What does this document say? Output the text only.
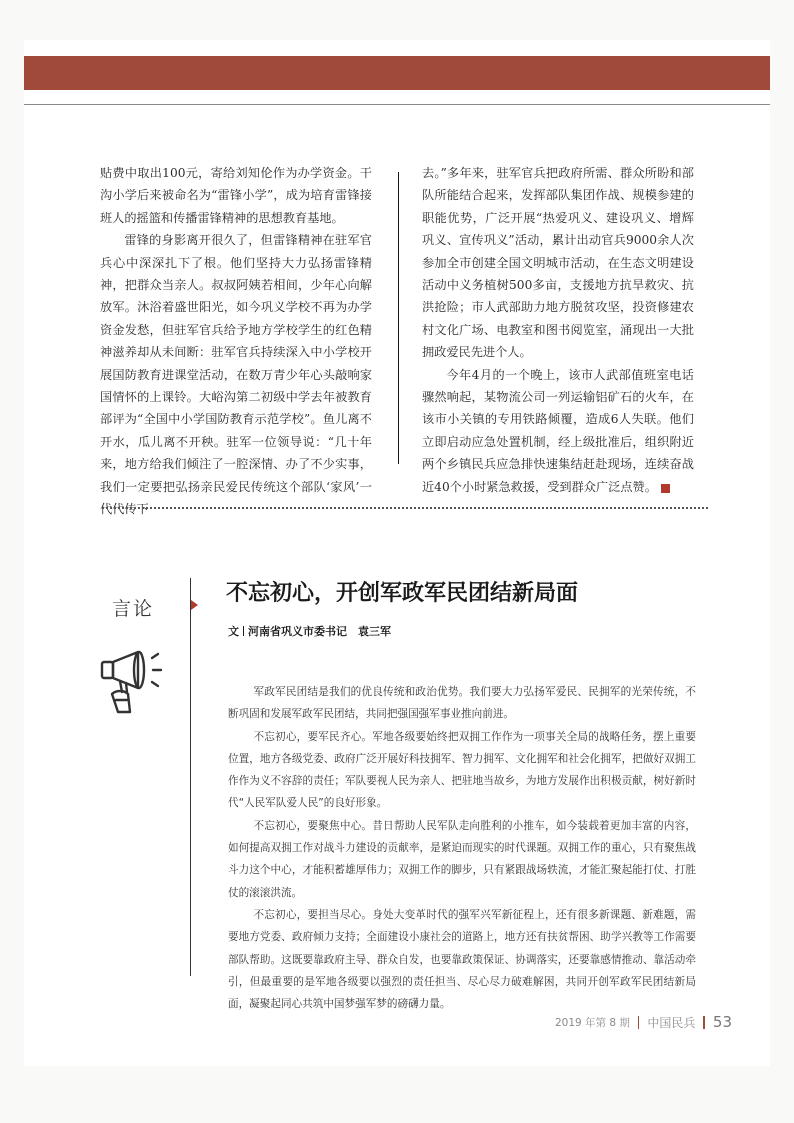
贴费中取出100元，寄给刘知伦作为办学资金。干沟小学后来被命名为“雷锋小学”，成为培育雷锋接班人的摇篮和传播雷锋精神的思想教育基地。

雷锋的身影离开很久了，但雷锋精神在驻军官兵心中深深扎下了根。他们坚持大力弘扬雷锋精神，把群众当亲人。叔叔阿姨若相间，少年心向解放军。沐浴着盛世阳光，如今巩义学校不再为办学资金发愁，但驻军官兵给予地方学校学生的红色精神滋养却从未间断：驻军官兵持续深入中小学校开展国防教育进课堂活动，在数万青少年心头敲响家国情怀的上课铃。大峪沟第二初级中学去年被教育部评为“全国中小学国防教育示范学校”。鱼儿离不开水，瓜儿离不开秧。驻军一位领导说：“几十年来，地方给我们倾注了一腔深情、办了不少实事，我们一定要把弘扬亲民爱民传统这个部队‘家风’一代代传下

去。”多年来，驻军官兵把政府所需、群众所盼和部队所能结合起来，发挥部队集团作战、规模参建的职能优势，广泛开展“热爱巩义、建设巩义、增辉巩义、宣传巩义”活动，累计出动官兵9000余人次参加全市创建全国文明城市活动，在生态文明建设活动中义务植树500多亩，支援地方抗旱救灾、抗洪抢险；市人武部助力地方脱贫攻坚，投资修建农村文化广场、电教室和图书阅览室，涌现出一大批拥政爱民先进个人。

今年4月的一个晚上，该市人武部值班室电话骤然响起，某物流公司一列运输铝矿石的火车，在该市小关镇的专用铁路倾覆，造成6人失联。他们立即启动应急处置机制，经上级批准后，组织附近两个乡镇民兵应急排快速集结赶赴现场，连续奋战近40个小时紧急救援，受到群众广泛点赞。	兵

言论
不忘初心，开创军政军民团结新局面
文 河南省巩义市委书记　袁三军

军政军民团结是我们的优良传统和政治优势。我们要大力弘扬军爱民、民拥军的光荣传统，不断巩固和发展军政军民团结，共同把强国强军事业推向前进。

不忘初心，要军民齐心。军地各级要始终把双拥工作作为一项事关全局的战略任务，摆上重要位置，地方各级党委、政府广泛开展好科技拥军、智力拥军、文化拥军和社会化拥军，把做好双拥工作作为义不容辞的责任；军队要视人民为亲人、把驻地当故乡，为地方发展作出积极贡献，树好新时代“人民军队爱人民”的良好形象。

不忘初心，要聚焦中心。昔日帮助人民军队走向胜利的小推车，如今装载着更加丰富的内容，如何提高双拥工作对战斗力建设的贡献率，是紧迫而现实的时代课题。双拥工作的重心，只有聚焦战斗力这个中心，才能积蓄雄厚伟力；双拥工作的脚步，只有紧跟战场轶流，才能汇聚起能打仗、打胜仗的滚滚洪流。

不忘初心，要担当尽心。身处大变革时代的强军兴军新征程上，还有很多新课题、新难题，需要地方党委、政府倾力支持；全面建设小康社会的道路上，地方还有扶贫帮困、助学兴教等工作需要部队帮助。这既要靠政府主导、群众自发，也要靠政策保证、协调落实，还要靠感情推动、靠活动牵引，但最重要的是军地各级要以强烈的责任担当、尽心尽力破难解困，共同开创军政军民团结新局面，凝聚起同心共筑中国梦强军梦的磅礴力量。

2019 年第 8 期 中国民兵 53
